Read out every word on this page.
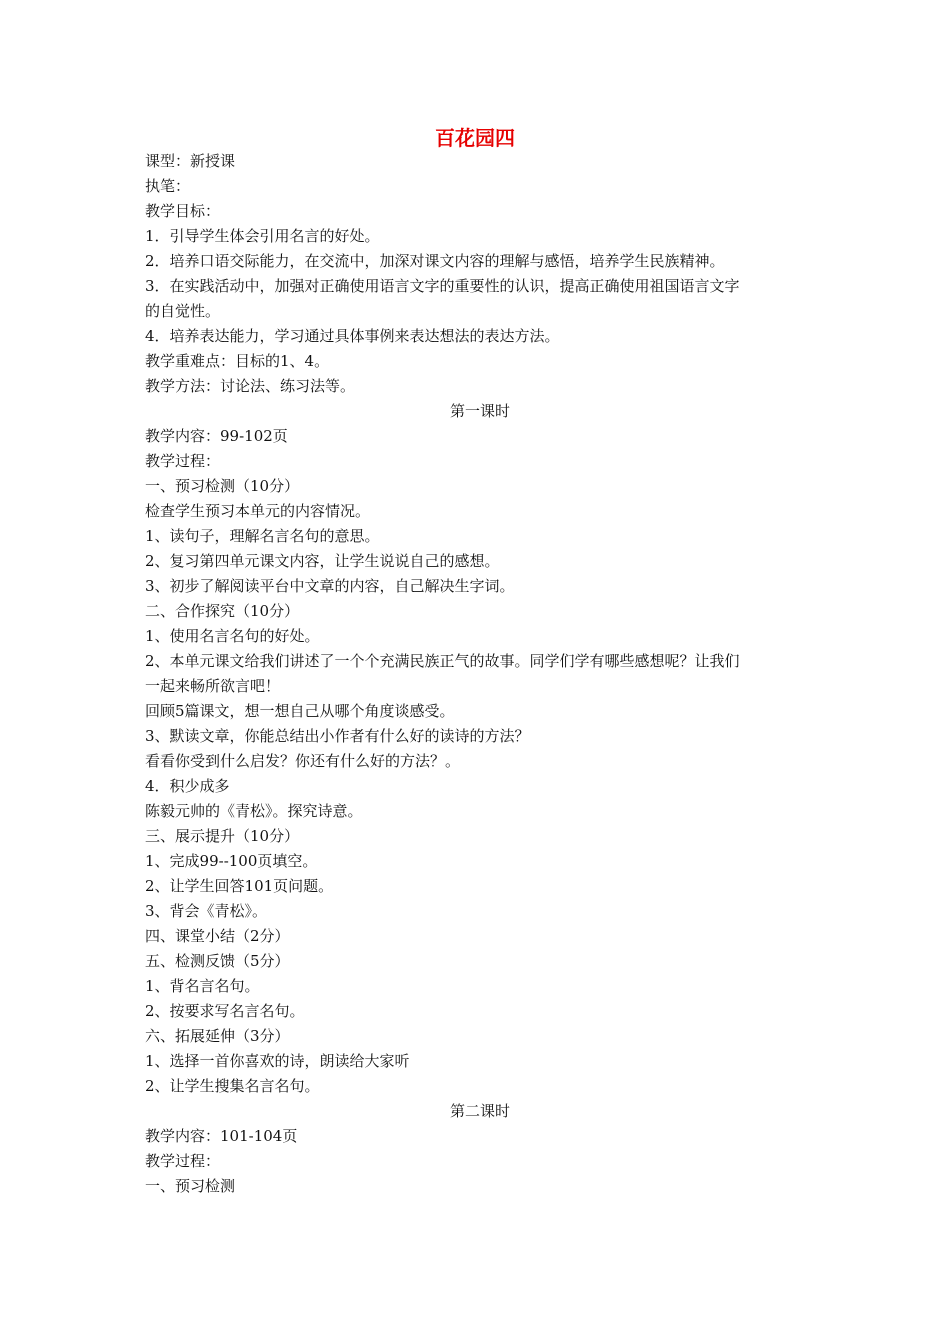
百花园四
课型：新授课
执笔：
教学目标：
1．引导学生体会引用名言的好处。
2．培养口语交际能力，在交流中，加深对课文内容的理解与感悟，培养学生民族精神。
3．在实践活动中，加强对正确使用语言文字的重要性的认识，提高正确使用祖国语言文字
的自觉性。
4．培养表达能力，学习通过具体事例来表达想法的表达方法。
教学重难点：目标的1、4。
教学方法：讨论法、练习法等。
第一课时
教学内容：99-102页
教学过程：
一、预习检测（10分）
检查学生预习本单元的内容情况。
1、读句子，理解名言名句的意思。
2、复习第四单元课文内容，让学生说说自己的感想。
3、初步了解阅读平台中文章的内容，自己解决生字词。
二、合作探究（10分）
1、使用名言名句的好处。
2、本单元课文给我们讲述了一个个充满民族正气的故事。同学们学有哪些感想呢？让我们
一起来畅所欲言吧！
回顾5篇课文，想一想自己从哪个角度谈感受。
3、默读文章，你能总结出小作者有什么好的读诗的方法？
看看你受到什么启发？你还有什么好的方法？。
4．积少成多
陈毅元帅的《青松》。探究诗意。
三、展示提升（10分）
1、完成99--100页填空。
2、让学生回答101页问题。
3、背会《青松》。
四、课堂小结（2分）
五、检测反馈（5分）
1、背名言名句。
2、按要求写名言名句。
六、拓展延伸（3分）
1、选择一首你喜欢的诗，朗读给大家听
2、让学生搜集名言名句。
第二课时
教学内容：101-104页
教学过程：
一、预习检测
